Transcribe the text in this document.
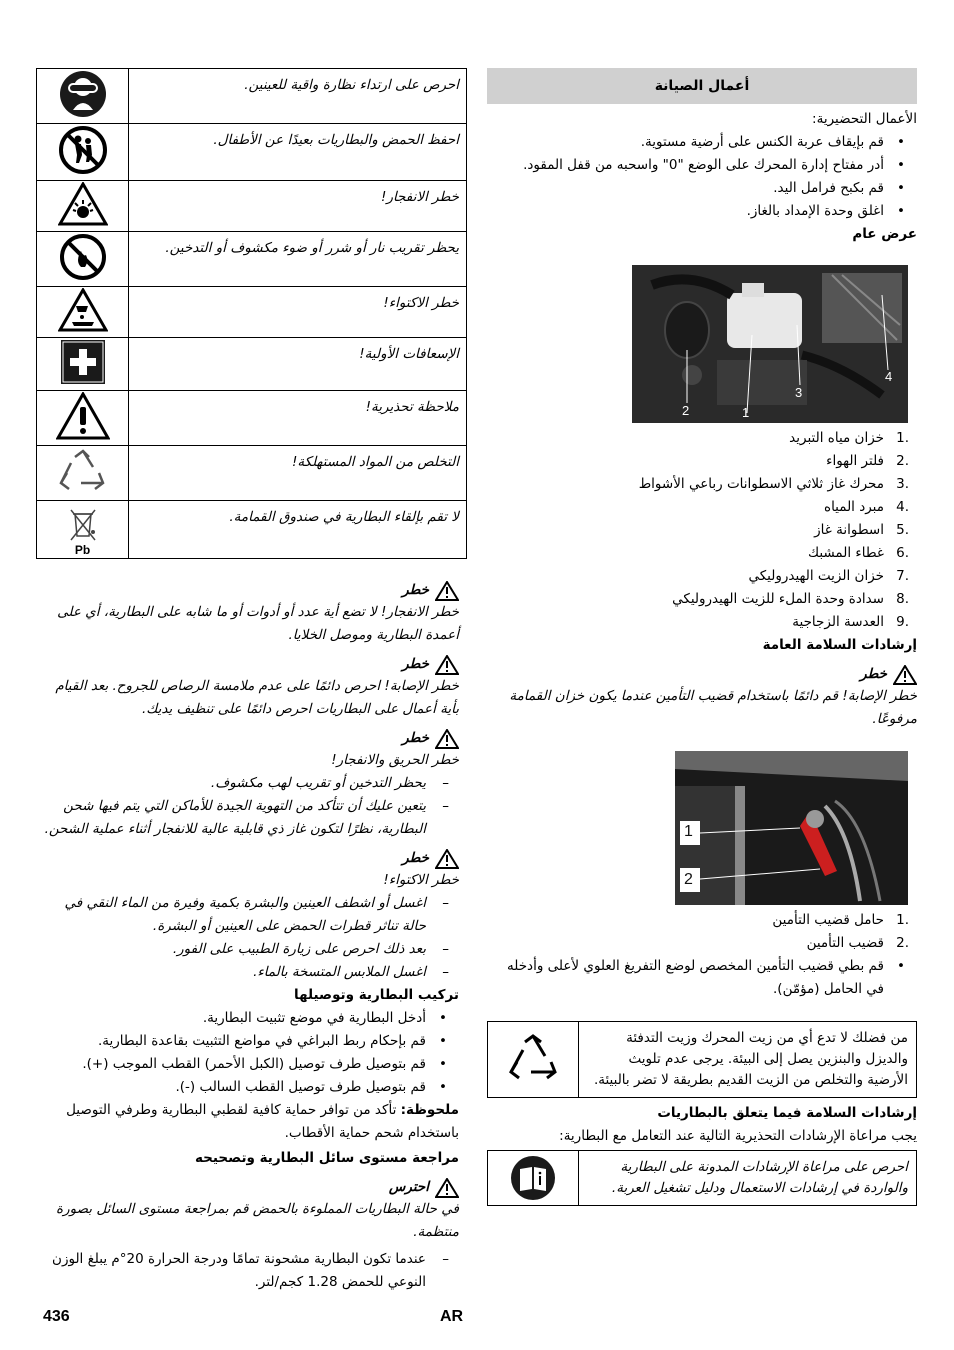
أعمال الصيانة

الأعمال التحضيرية:

• قم بإيقاف عربة الكنس على أرضية مستوية.
• أدر مفتاح إدارة المحرك على الوضع "0" واسحبه من قفل المقود.
• قم بكبح فرامل اليد.
• اغلق وحدة الإمداد بالغاز.

عرض عام

1
2
3
4
1.
خزان مياه التبريد
2.
فلتر الهواء
3.
محرك غاز ثلاثي الاسطوانات رباعي الأشواط
4.
مبرد المياه
5.
اسطوانة غاز
6.
غطاء المشبك
7.
خزان الزيت الهيدروليكي
8.
سدادة وحدة الملء للزيت الهيدروليكي
9.
العدسة الزجاجية

إرشادات السلامة العامة

خطر

خطر الإصابة! قم دائمًا باستخدام قضيب التأمين عندما يكون خزان القمامة مرفوعًا.

1
2
1.
حامل قضيب التأمين
2.
قضيب التأمين
• قم بطي قضيب التأمين المخصص لوضع التفريغ العلوي لأعلى وأدخله في الحامل (مؤمّن).
من فضلك لا تدع أي من زيت المحرك وزيت التدفئة والديزل والبنزين يصل إلى البيئة. يرجى عدم تلويث الأرضية والتخلص من الزيت القديم بطريقة لا تضر بالبيئة.

إرشادات السلامة فيما يتعلق بالبطاريات

يجب مراعاة الإرشادات التحذيرية التالية عند التعامل مع البطارية:

احرص على مراعاة الإرشادات المدونة على البطارية والواردة في إرشادات الاستعمال ودليل تشغيل العربة.
احرص على ارتداء نظارة واقية للعينين.	
احفظ الحمض والبطاريات بعيدًا عن الأطفال.	
خطر الانفجار!	
يحظر تقريب نار أو شرر أو ضوء مكشوف أو التدخين.	
خطر الاكتواء!	
الإسعافات الأولية!	
ملاحظة تحذيرية!	
التخلص من المواد المستهلكة!	
لا تقم بإلقاء البطارية في صندوق القمامة.	Pb
خطر

خطر الانفجار! لا تضع أية عدد أو أدوات أو ما شابه على البطارية، أي على أعمدة البطارية وموصل الخلايا.

خطر

خطر الإصابة! احرص دائمًا على عدم ملامسة الرصاص للجروح. بعد القيام بأية أعمال على البطاريات احرص دائمًا على تنظيف يديك.

خطر

خطر الحريق والانفجار!

– يحظر التدخين أو تقريب لهب مكشوف.
– يتعين عليك أن تتأكد من التهوية الجيدة للأماكن التي يتم فيها شحن البطارية، نظرًا لتكون غاز ذي قابلية عالية للانفجار أثناء عملية الشحن.
خطر

خطر الاكتواء!

– اغسل أو اشطف العينين والبشرة بكمية وفيرة من الماء النقي في حالة تناثر قطرات الحمض على العينين أو البشرة.
– بعد ذلك احرص على زيارة الطبيب على الفور.
– اغسل الملابس المتسخة بالماء.

تركيب البطارية وتوصيلها

• أدخل البطارية في موضع تثبيت البطارية.
• قم بإحكام ربط البراغي في مواضع التثبيت بقاعدة البطارية.
• قم بتوصيل طرف توصيل (الكبل الأحمر) القطب الموجب (+).
• قم بتوصيل طرف توصيل القطب السالب (-).

ملحوظة: تأكد من توافر حماية كافية لقطبي البطارية وطرفي التوصيل باستخدام شحم حماية الأقطاب.

مراجعة مستوى سائل البطارية وتصحيحه

احترس

في حالة البطاريات المملوءة بالحمض قم بمراجعة مستوى السائل بصورة منتظمة.

– عندما تكون البطارية مشحونة تمامًا ودرجة الحرارة 20°م يبلغ الوزن النوعي للحمض 1.28 كجم/لتر.
436	AR
